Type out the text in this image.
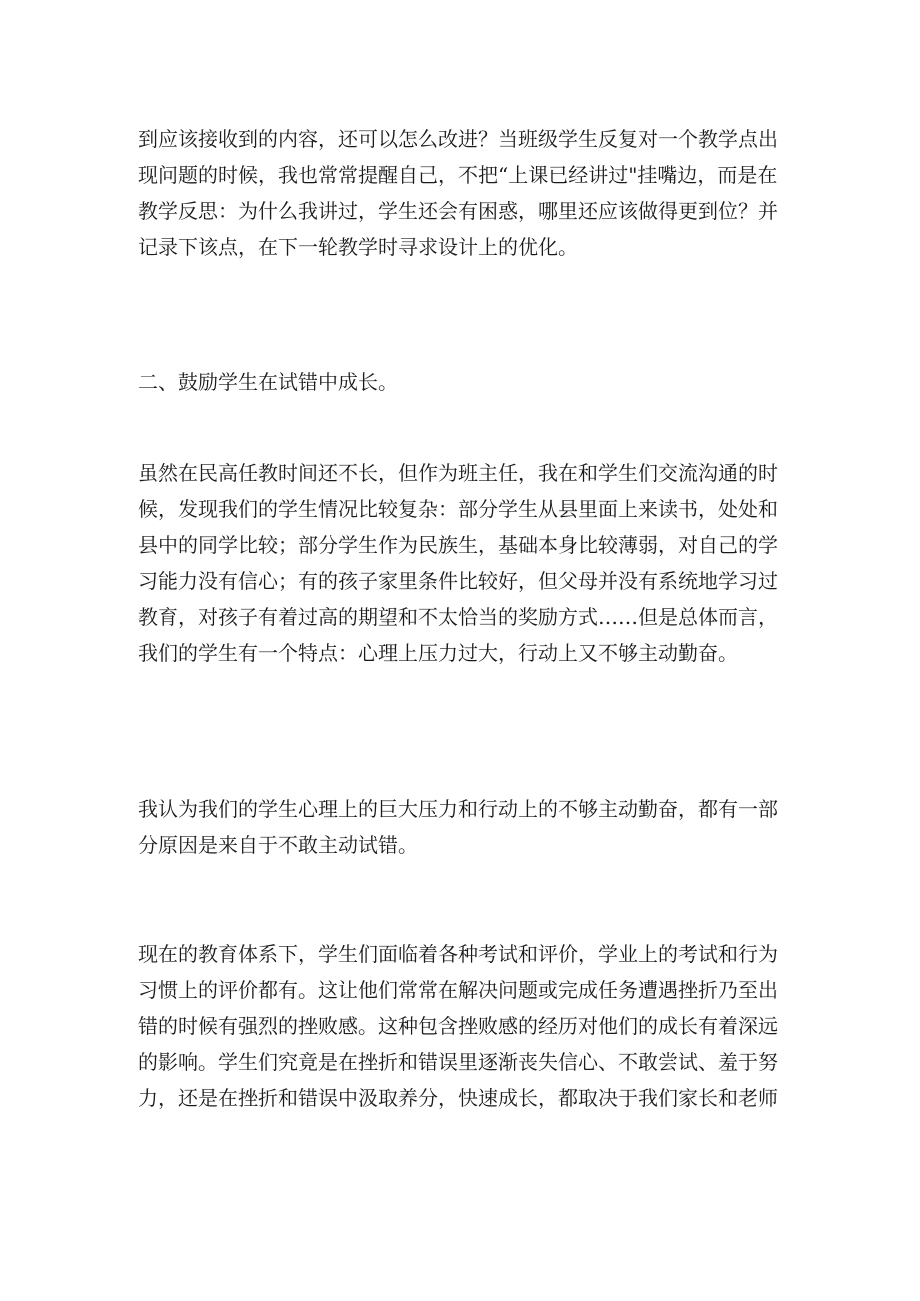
到应该接收到的内容，还可以怎么改进？当班级学生反复对一个教学点出
现问题的时候，我也常常提醒自己，不把“上课已经讲过"挂嘴边，而是在
教学反思：为什么我讲过，学生还会有困惑，哪里还应该做得更到位？并
记录下该点，在下一轮教学时寻求设计上的优化。
二、鼓励学生在试错中成长。
虽然在民高任教时间还不长，但作为班主任，我在和学生们交流沟通的时
候，发现我们的学生情况比较复杂：部分学生从县里面上来读书，处处和
县中的同学比较；部分学生作为民族生，基础本身比较薄弱，对自己的学
习能力没有信心；有的孩子家里条件比较好，但父母并没有系统地学习过
教育，对孩子有着过高的期望和不太恰当的奖励方式……但是总体而言，
我们的学生有一个特点：心理上压力过大，行动上又不够主动勤奋。
我认为我们的学生心理上的巨大压力和行动上的不够主动勤奋，都有一部
分原因是来自于不敢主动试错。
现在的教育体系下，学生们面临着各种考试和评价，学业上的考试和行为
习惯上的评价都有。这让他们常常在解决问题或完成任务遭遇挫折乃至出
错的时候有强烈的挫败感。这种包含挫败感的经历对他们的成长有着深远
的影响。学生们究竟是在挫折和错误里逐渐丧失信心、不敢尝试、羞于努
力，还是在挫折和错误中汲取养分，快速成长，都取决于我们家长和老师
